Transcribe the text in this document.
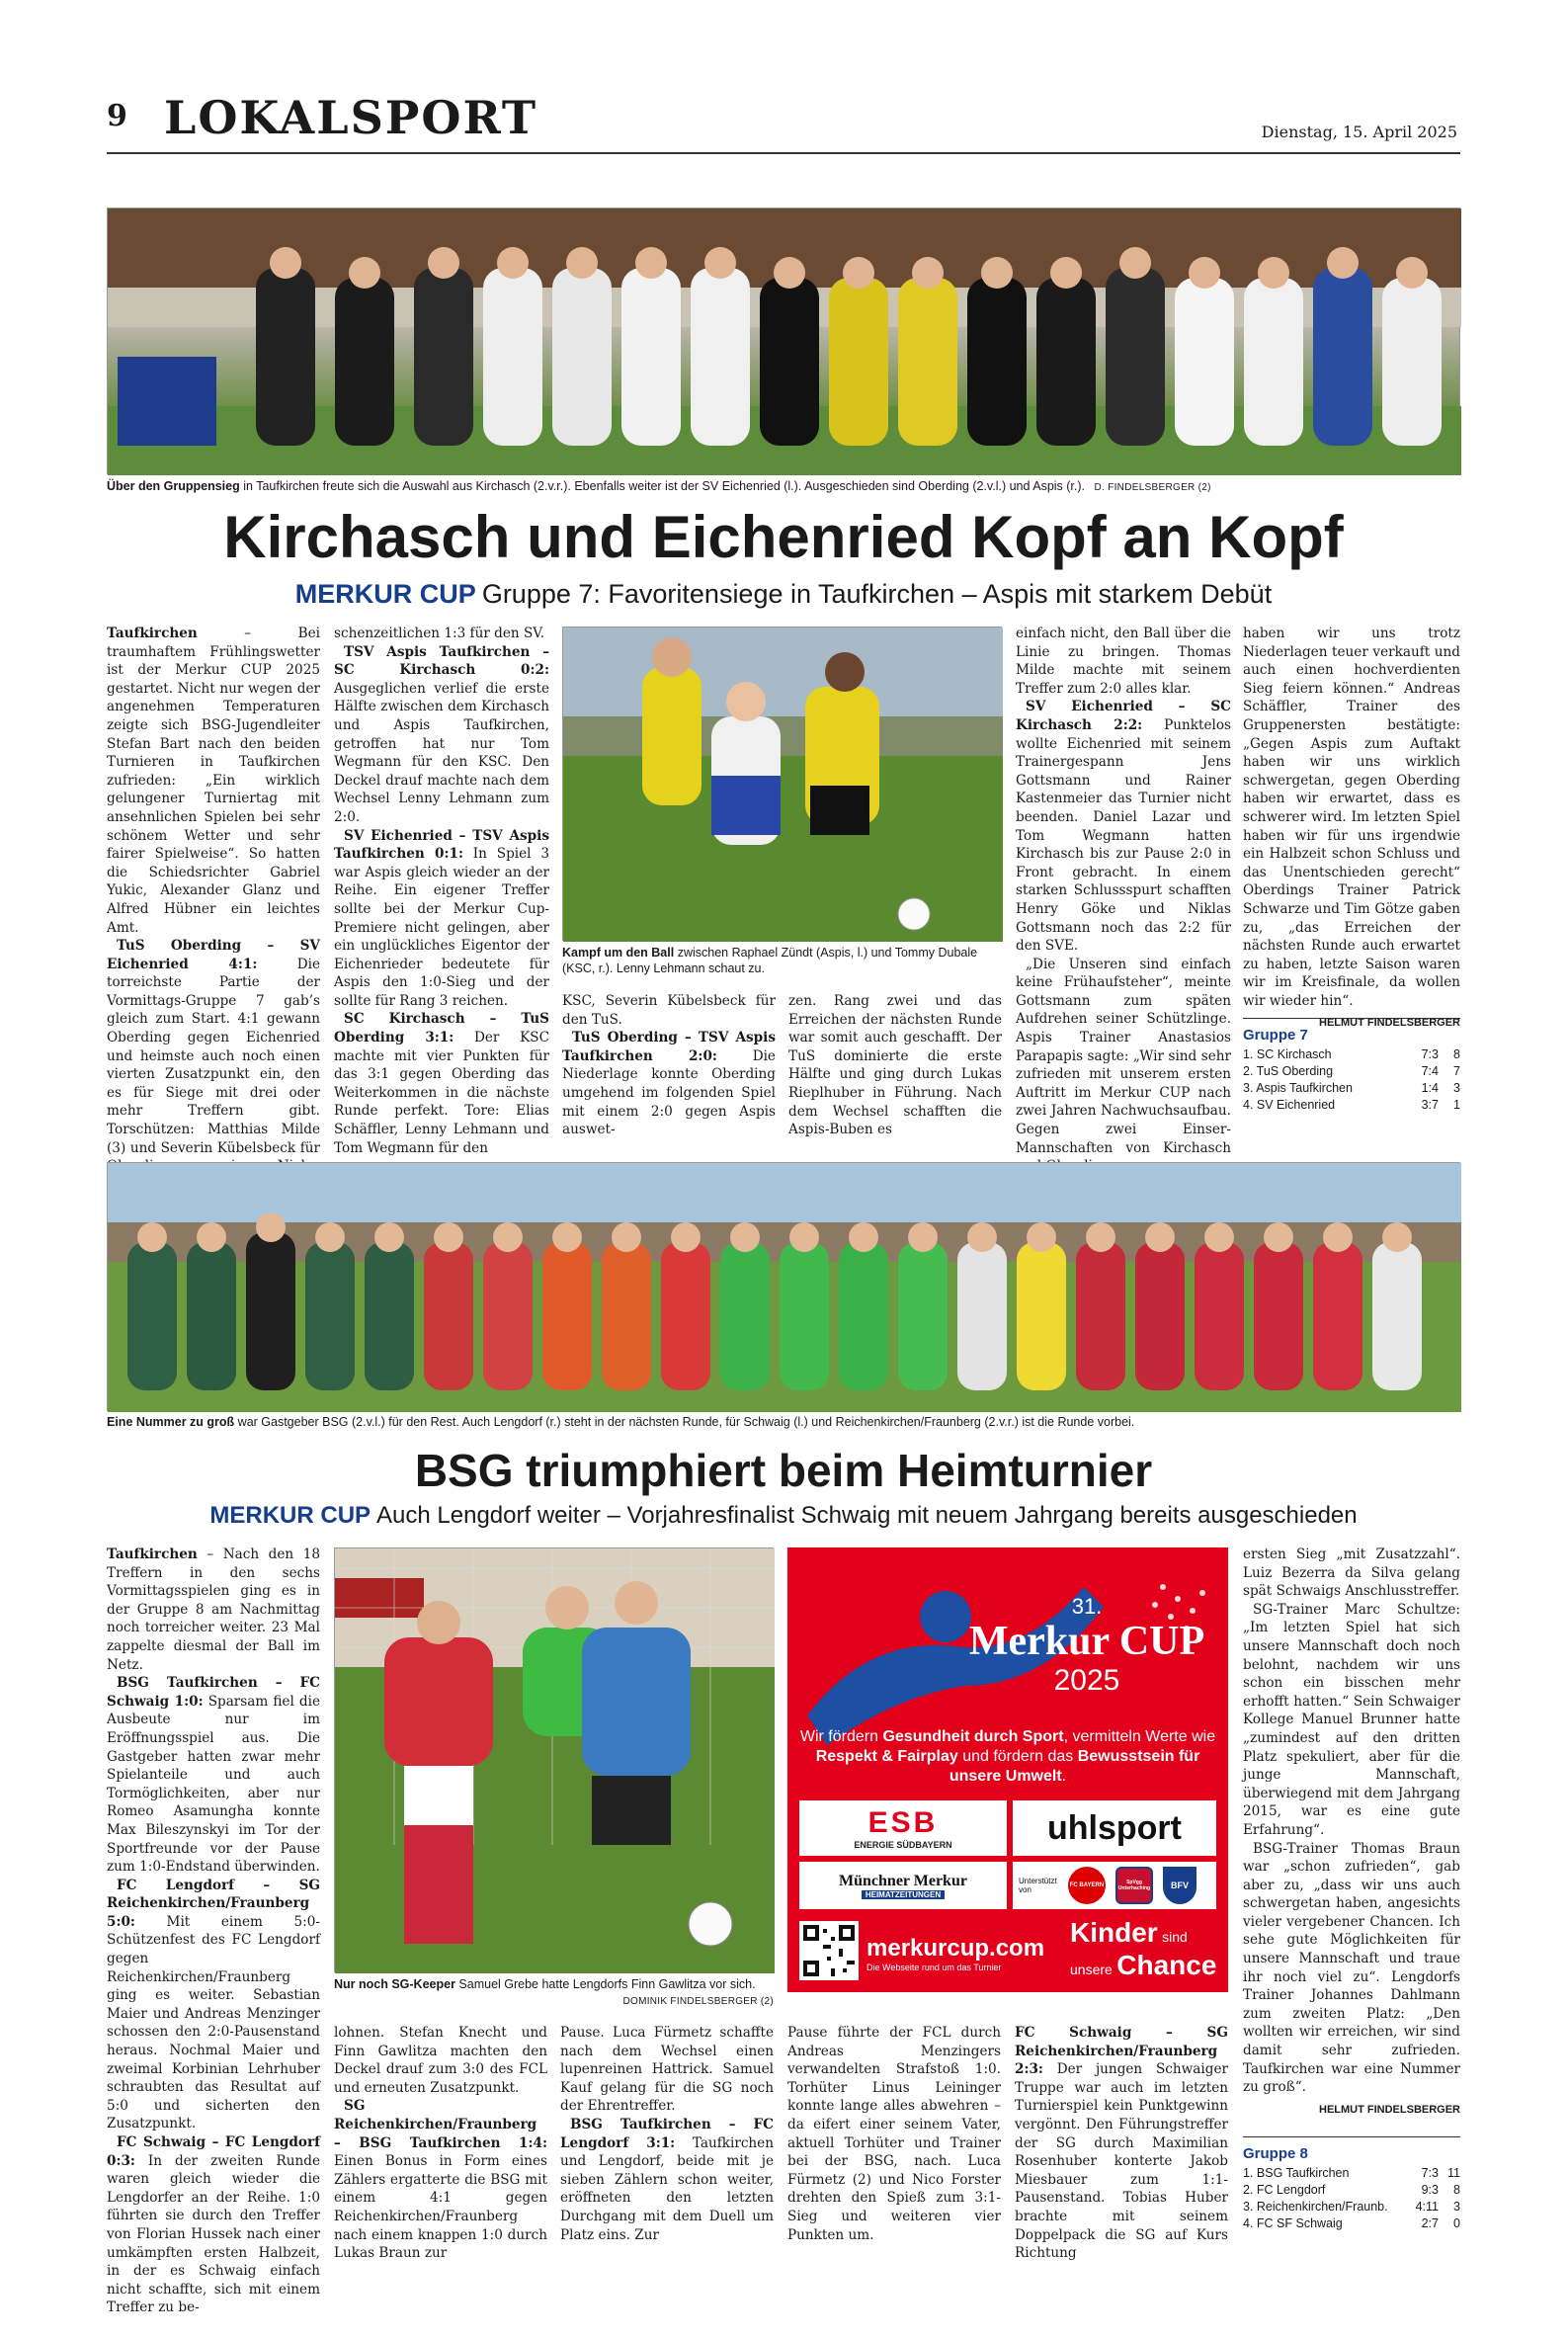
9 LOKALSPORT	Dienstag, 15. April 2025
Über den Gruppensieg in Taufkirchen freute sich die Auswahl aus Kirchasch (2.v.r.). Ebenfalls weiter ist der SV Eichenried (l.). Ausgeschieden sind Oberding (2.v.l.) und Aspis (r.). D. FINDELSBERGER (2)
Kirchasch und Eichenried Kopf an Kopf
MERKUR CUP Gruppe 7: Favoritensiege in Taufkirchen – Aspis mit starkem Debüt

Taufkirchen – Bei traumhaftem Frühlingswetter ist der Merkur CUP 2025 gestartet. Nicht nur wegen der angenehmen Temperaturen zeigte sich BSG-Jugendleiter Stefan Bart nach den beiden Turnieren in Taufkirchen zufrieden: „Ein wirklich gelungener Turniertag mit ansehnlichen Spielen bei sehr schönem Wetter und sehr fairer Spielweise“. So hatten die Schiedsrichter Gabriel Yukic, Alexander Glanz und Alfred Hübner ein leichtes Amt.

TuS Oberding – SV Eichenried 4:1:	Die torreichste Partie der Vormittags-Gruppe 7 gab’s gleich zum Start. 4:1 gewann Oberding gegen Eichenried und heimste auch noch einen vierten Zusatzpunkt ein, den es für Siege mit drei oder mehr Treffern gibt. Torschützen: Matthias Milde (3) und Severin Kübelsbeck für

schenzeitlichen 1:3 für den SV.

TSV Aspis Taufkirchen – SC Kirchasch 0:2: Ausgeglichen verlief die erste Hälfte zwischen dem Kirchasch und Aspis Taufkirchen, getroffen hat nur Tom Wegmann für den KSC. Den Deckel drauf machte nach dem Wechsel Lenny Lehmann zum 2:0.

SV Eichenried – TSV Aspis Taufkirchen 0:1: In Spiel 3 war Aspis gleich wieder an der Reihe. Ein eigener Treffer sollte bei der Merkur Cup-Premiere nicht gelingen, aber ein unglückliches Eigentor der Eichenrieder bedeutete für Aspis den 1:0-Sieg und der sollte für Rang 3 reichen.

SC Kirchasch – TuS Oberding 3:1: Der KSC machte mit vier Punkten für das 3:1 gegen Oberding das Weiterkommen in die nächste Runde perfekt. Tore: Elias Schäffler, Lenny Lehmann und Tom Wegmann für den

Kampf um den Ball zwischen Raphael Zündt (Aspis, l.) und Tommy Dubale (KSC, r.). Lenny Lehmann schaut zu.

KSC, Severin Kübelsbeck für den TuS.

TuS Oberding – TSV Aspis Taufkirchen 2:0: Die Niederlage konnte Oberding umgehend im folgenden Spiel mit einem 2:0 gegen Aspis auswet-

zen. Rang zwei und das Erreichen der nächsten Runde war somit auch geschafft. Der TuS dominierte die erste Hälfte und ging durch Lukas Rieplhuber in Führung. Nach dem Wechsel schafften die Aspis-Buben es

einfach nicht, den Ball über die Linie zu bringen. Thomas Milde machte mit seinem Treffer zum 2:0 alles klar.

SV Eichenried – SC Kirchasch 2:2: Punktelos wollte Eichenried mit seinem Trainergespann Jens Gottsmann und Rainer Kastenmeier das Turnier nicht beenden. Daniel Lazar und Tom Wegmann hatten Kirchasch bis zur Pause 2:0 in Front gebracht. In einem starken Schlussspurt schafften Henry Göke und Niklas Gottsmann noch das 2:2 für den SVE.

„Die Unseren sind einfach keine Frühaufsteher“, meinte Gottsmann zum späten Aufdrehen seiner Schützlinge. Aspis Trainer Anastasios Parapapis sagte: „Wir sind sehr zufrieden mit unserem ersten Auftritt im Merkur CUP nach zwei Jahren Nachwuchsaufbau. Gegen zwei Einser-Mannschaften von Kirchasch

haben wir uns trotz Niederlagen teuer verkauft und auch einen hochverdienten Sieg feiern können.“ Andreas Schäffler, Trainer des Gruppenersten bestätigte: „Gegen Aspis zum Auftakt haben wir uns wirklich schwergetan, gegen Oberding haben wir erwartet, dass es schwerer wird. Im letzten Spiel haben wir für uns irgendwie ein Halbzeit schon Schluss und das Unentschieden gerecht“ Oberdings Trainer Patrick Schwarze und Tim Götze gaben zu, „das Erreichen der nächsten Runde auch erwartet zu haben, letzte Saison waren wir im Kreisfinale, da wollen wir wieder hin“.

HELMUT FINDELSBERGER
Gruppe 7
1. SC Kirchasch	7:3	8
2. TuS Oberding	7:4	7
3. Aspis Taufkirchen	1:4	3
4. SV Eichenried	3:7	1
Eine Nummer zu groß war Gastgeber BSG (2.v.l.) für den Rest. Auch Lengdorf (r.) steht in der nächsten Runde, für Schwaig (l.) und Reichenkirchen/Fraunberg (2.v.r.) ist die Runde vorbei.
BSG triumphiert beim Heimturnier
MERKUR CUP Auch Lengdorf weiter – Vorjahresfinalist Schwaig mit neuem Jahrgang bereits ausgeschieden

Taufkirchen – Nach den 18 Treffern in den sechs Vormittagsspielen ging es in der Gruppe 8 am Nachmittag noch torreicher weiter. 23 Mal zappelte diesmal der Ball im Netz.

BSG Taufkirchen – FC Schwaig 1:0: Sparsam fiel die Ausbeute nur im Eröffnungsspiel aus. Die Gastgeber hatten zwar mehr Spielanteile und auch Tormöglichkeiten, aber nur Romeo Asamungha konnte Max Bileszynskyi im Tor der Sportfreunde vor der Pause zum 1:0-Endstand überwinden.

FC Lengdorf – SG Reichenkirchen/Fraunberg 5:0: Mit einem 5:0-Schützenfest des FC Lengdorf gegen Reichenkirchen/Fraunberg ging es weiter. Sebastian Maier und Andreas Menzinger schossen den 2:0-Pausenstand heraus. Nochmal Maier und zweimal Korbinian Lehrhuber schraubten das Resultat auf 5:0 und sicherten den Zusatzpunkt.

FC Schwaig – FC Lengdorf 0:3: In der zweiten Runde waren gleich wieder die Lengdorfer an der Reihe. 1:0 führten sie durch den Treffer von Florian Hussek nach einer umkämpften ersten Halbzeit, in der es Schwaig einfach nicht schaffte, sich mit einem Treffer zu be-

Nur noch SG-Keeper Samuel Grebe hatte Lengdorfs Finn Gawlitza vor sich.
DOMINIK FINDELSBERGER (2)

lohnen. Stefan Knecht und Finn Gawlitza machten den Deckel drauf zum 3:0 des FCL und erneuten Zusatzpunkt.

SG Reichenkirchen/Fraunberg – BSG Taufkirchen 1:4: Einen Bonus in Form eines Zählers ergatterte die BSG mit einem 4:1 gegen Reichenkirchen/Fraunberg nach einem knappen 1:0 durch Lukas Braun zur

Pause. Luca Fürmetz schaffte nach dem Wechsel einen lupenreinen Hattrick. Samuel Kauf gelang für die SG noch der Ehrentreffer.

BSG Taufkirchen – FC Lengdorf 3:1: Taufkirchen und Lengdorf, beide mit je sieben Zählern schon weiter, eröffneten den letzten Durchgang mit dem Duell um Platz eins. Zur

31.
Merkur CUP
2025
Wir fördern Gesundheit durch Sport, vermitteln Werte wie Respekt & Fairplay und fördern das Bewusstsein für unsere Umwelt.
ESB
ENERGIE SÜDBAYERN	uhlsport
Münchner Merkur
HEIMATZEITUNGEN
Unterstützt von	FC BAYERN	SpVgg Unterhaching	BFV
merkurcup.com
Die Webseite rund um das Turnier
Kinder sind
unsere Chance

Pause führte der FCL durch Andreas Menzingers verwandelten Strafstoß 1:0. Torhüter Linus Leininger konnte lange alles abwehren – da eifert einer seinem Vater, aktuell Torhüter und Trainer bei der BSG, nach. Luca Fürmetz (2) und Nico Forster drehten den Spieß zum 3:1-Sieg und weiteren vier Punkten um.

FC Schwaig – SG Reichenkirchen/Fraunberg 2:3: Der jungen Schwaiger Truppe war auch im letzten Turnierspiel kein Punktgewinn vergönnt. Den Führungstreffer der SG durch Maximilian Rosenhuber konterte Jakob Miesbauer zum 1:1-Pausenstand. Tobias Huber brachte mit seinem Doppelpack die SG auf Kurs Richtung

ersten Sieg „mit Zusatzzahl“. Luiz Bezerra da Silva gelang spät Schwaigs Anschlusstreffer.

SG-Trainer Marc Schultze: „Im letzten Spiel hat sich unsere Mannschaft doch noch belohnt, nachdem wir uns schon ein bisschen mehr erhofft hatten.“ Sein Schwaiger Kollege Manuel Brunner hatte „zumindest auf den dritten Platz spekuliert, aber für die junge Mannschaft, überwiegend mit dem Jahrgang 2015, war es eine gute Erfahrung“.

BSG-Trainer Thomas Braun war „schon zufrieden“, gab aber zu, „dass wir uns auch schwergetan haben, angesichts vieler vergebener Chancen. Ich sehe gute Möglichkeiten für unsere Mannschaft und traue ihr noch viel zu“. Lengdorfs Trainer Johannes Dahlmann zum zweiten Platz: „Den wollten wir erreichen, wir sind damit sehr zufrieden. Taufkirchen war eine Nummer zu groß“.

HELMUT FINDELSBERGER
Gruppe 8
1. BSG Taufkirchen	7:3 11
2. FC Lengdorf	9:3	8
3. Reichenkirchen/Fraunb.	4:11	3
4. FC SF Schwaig	2:7	0
